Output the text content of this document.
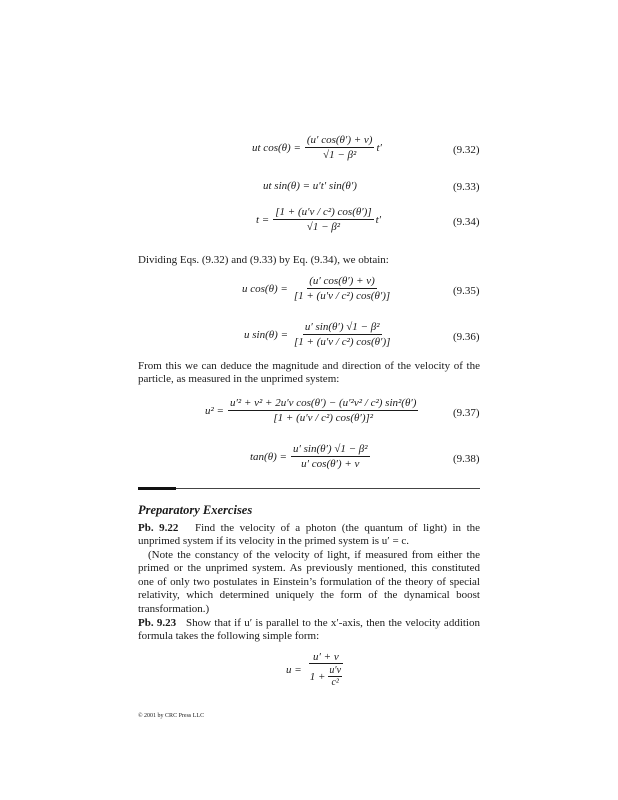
ut $\cos(\theta) = \frac{(u' \cos(\theta') + v)}{\text{√1 − β²}} t'$	(9.32)
ut sin(θ) = u′t′ sin(θ′)	(9.33)
$t = \frac{\text{[1 + (u′v / c²) cos(θ′)]}}{\text{√1 − β²}} t'$	(9.34)

Dividing Eqs. (9.32) and (9.33) by Eq. (9.34), we obtain:

u $\cos(\theta) = \frac{(u' \cos(\theta') + v)}{\text{[1 + (u′v / c²) cos(θ′)]}}$	(9.35)
u $\sin(\theta) = \frac{\text{u′ sin(θ′) √1 − β²}}{\text{[1 + (u′v / c²) cos(θ′)]}}$	(9.36)

From this we can deduce the magnitude and direction of the velocity of the particle, as measured in the unprimed system:

$u^2 = \frac{\text{u′² + v² + 2u′v cos(θ′) − (u′²v² / c²) sin²(θ′)}}{\text{[1 + (u′v / c²) cos(θ′)]²}}$	(9.37)
$\tan(\theta) = \frac{\text{u′ sin(θ′) √1 − β²}}{u' \cos(\theta') + v}$	(9.38)
Preparatory Exercises

Pb. 9.22 Find the velocity of a photon (the quantum of light) in the unprimed system if its velocity in the primed system is u′ = c.

(Note the constancy of the velocity of light, if measured from either the primed or the unprimed system. As previously mentioned, this constituted one of only two postulates in Einstein’s formulation of the theory of special relativity, which determined uniquely the form of the dynamical boost transformation.)

Pb. 9.23 Show that if u′ is parallel to the x′-axis, then the velocity addition formula takes the following simple form:

$u = \frac{u' + v}{1 + \frac{u'v}{\text{c²}}}$
© 2001 by CRC Press LLC
